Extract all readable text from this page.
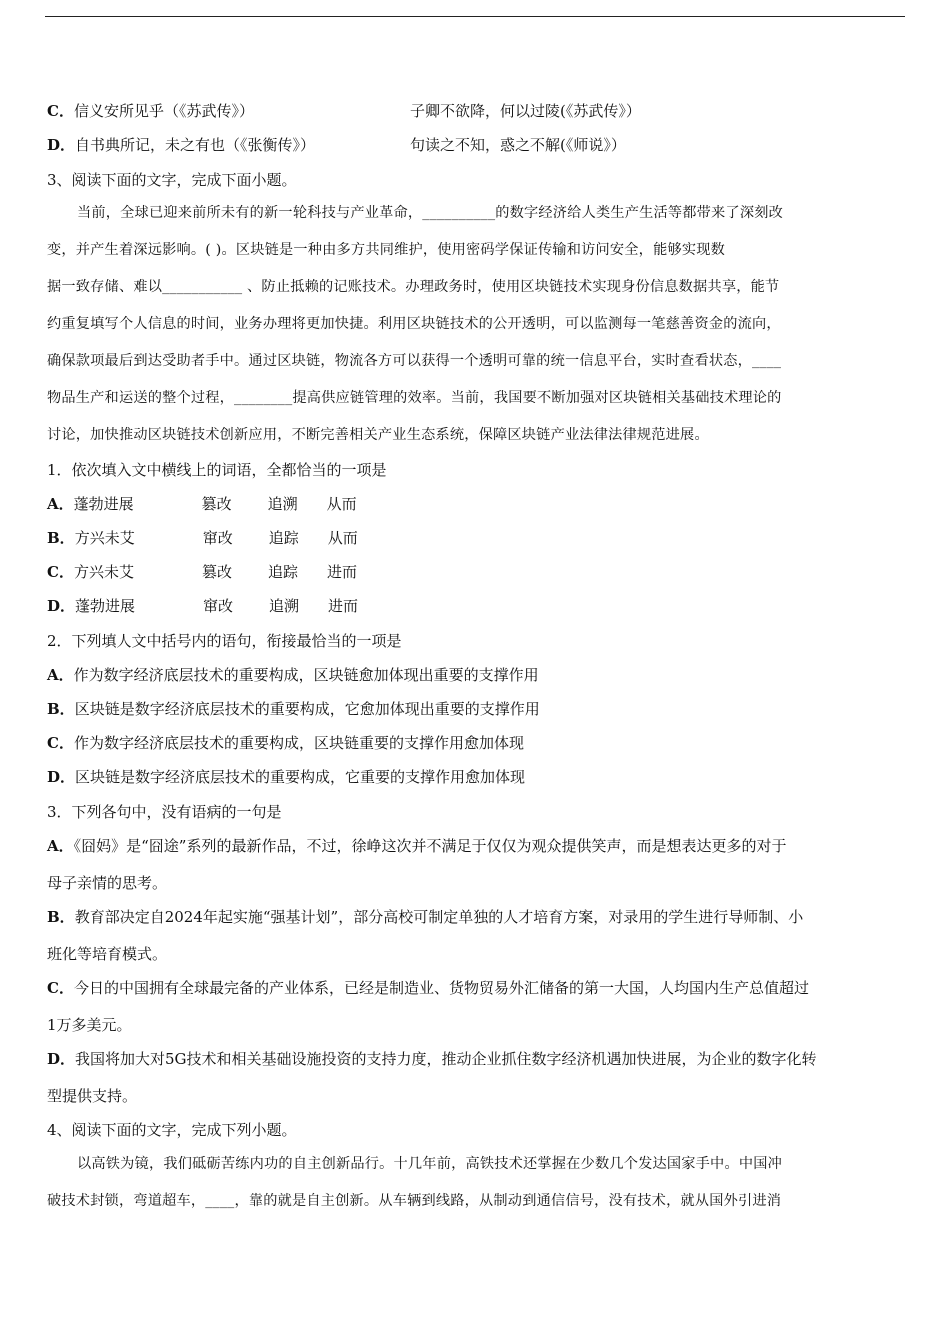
C．信义安所见乎（《苏武传》）	子卿不欲降，何以过陵(《苏武传》）
D．自书典所记，未之有也（《张衡传》）	句读之不知，惑之不解(《师说》）
3、阅读下面的文字，完成下面小题。
当前，全球已迎来前所未有的新一轮科技与产业革命，__________的数字经济给人类生产生活等都带来了深刻改
变，并产生着深远影响。( )。区块链是一种由多方共同维护，使用密码学保证传输和访问安全，能够实现数
据一致存储、难以___________ 、防止抵赖的记账技术。办理政务时，使用区块链技术实现身份信息数据共享，能节
约重复填写个人信息的时间，业务办理将更加快捷。利用区块链技术的公开透明，可以监测每一笔慈善资金的流向，
确保款项最后到达受助者手中。通过区块链，物流各方可以获得一个透明可靠的统一信息平台，实时查看状态，____
物品生产和运送的整个过程，________提高供应链管理的效率。当前，我国要不断加强对区块链相关基础技术理论的
讨论，加快推动区块链技术创新应用，不断完善相关产业生态系统，保障区块链产业法律法律规范进展。
1．依次填入文中横线上的词语，全都恰当的一项是
A．蓬勃进展	篡改 追溯 从而
B．方兴未艾	窜改 追踪 从而
C．方兴未艾	篡改 追踪 进而
D．蓬勃进展	窜改 追溯 进而
2．下列填人文中括号内的语句，衔接最恰当的一项是
A．作为数字经济底层技术的重要构成，区块链愈加体现出重要的支撑作用
B．区块链是数字经济底层技术的重要构成，它愈加体现出重要的支撑作用
C．作为数字经济底层技术的重要构成，区块链重要的支撑作用愈加体现
D．区块链是数字经济底层技术的重要构成，它重要的支撑作用愈加体现
3．下列各句中，没有语病的一句是
A．《囧妈》是“囧途”系列的最新作品，不过，徐峥这次并不满足于仅仅为观众提供笑声，而是想表达更多的对于
母子亲情的思考。
B．教育部决定自2024年起实施“强基计划”，部分高校可制定单独的人才培育方案，对录用的学生进行导师制、小
班化等培育模式。
C．今日的中国拥有全球最完备的产业体系，已经是制造业、货物贸易外汇储备的第一大国，人均国内生产总值超过
1万多美元。
D．我国将加大对5G技术和相关基础设施投资的支持力度，推动企业抓住数字经济机遇加快进展，为企业的数字化转
型提供支持。
4、阅读下面的文字，完成下列小题。
以高铁为镜，我们砥砺苦练内功的自主创新品行。十几年前，高铁技术还掌握在少数几个发达国家手中。中国冲
破技术封锁，弯道超车，____，靠的就是自主创新。从车辆到线路，从制动到通信信号，没有技术，就从国外引进消
